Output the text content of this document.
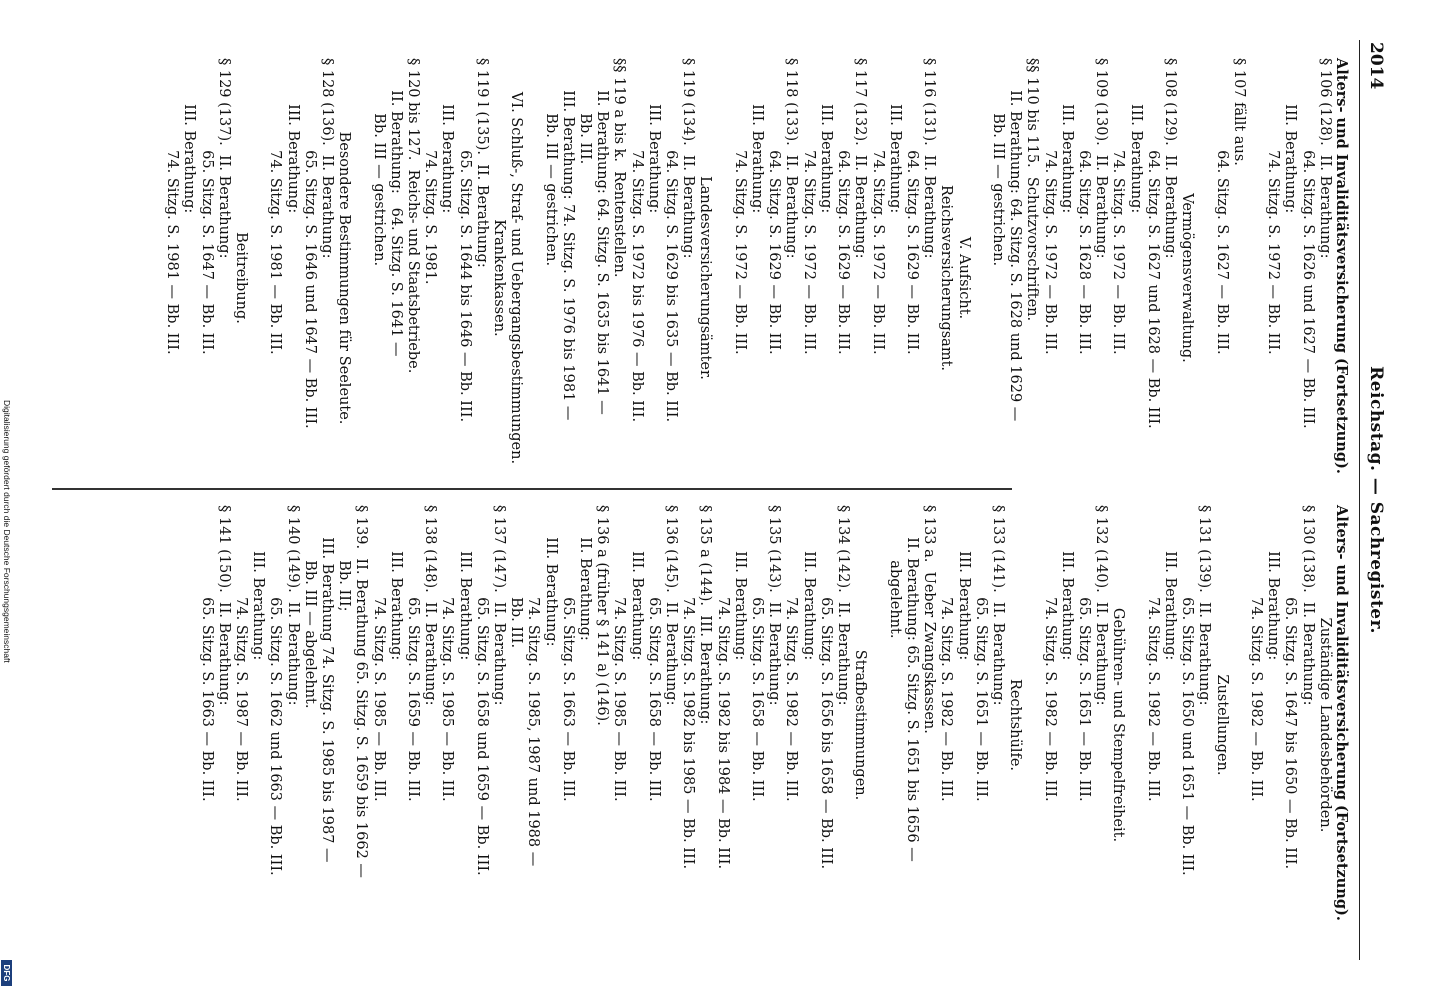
2014
Reichstag. — Sachregister.
Alters- und Invaliditätsversicherung (Fortsetzung).
§ 106 (128).  II. Berathung:
64. Sitzg. S. 1626 und 1627 — Bb. III.
III. Berathung:
74. Sitzg. S. 1972 — Bb. III.

§ 107 fällt aus.
64. Sitzg. S. 1627 — Bb. III.

Vermögensverwaltung.
§ 108 (129).  II. Berathung:
64. Sitzg. S. 1627 und 1628 — Bb. III.
III. Berathung:
74. Sitzg. S. 1972 — Bb. III.
§ 109 (130).  II. Berathung:
64. Sitzg. S. 1628 — Bb. III.
III. Berathung:
74. Sitzg. S. 1972 — Bb. III.
§§ 110 bis 115.  Schutzvorschriften.
II. Berathung: 64. Sitzg. S. 1628 und 1629 —
Bb. III — gestrichen.

V. Aufsicht.
Reichsversicherungsamt.
§ 116 (131).  II. Berathung:
64. Sitzg. S. 1629 — Bb. III.
III. Berathung:
74. Sitzg. S. 1972 — Bb. III.
§ 117 (132).  II. Berathung:
64. Sitzg. S. 1629 — Bb. III.
III. Berathung:
74. Sitzg. S. 1972 — Bb. III.
§ 118 (133).  II. Berathung:
64. Sitzg. S. 1629 — Bb. III.
III. Berathung:
74. Sitzg. S. 1972 — Bb. III.

Landesversicherungsämter.
§ 119 (134).  II. Berathung:
64. Sitzg. S. 1629 bis 1635 — Bb. III.
III. Berathung:
74. Sitzg. S. 1972 bis 1976 — Bb. III.
§§ 119 a bis k.  Rentenstellen.
II. Berathung: 64. Sitzg. S. 1635 bis 1641 —
Bb. III.
III. Berathung: 74. Sitzg. S. 1976 bis 1981 —
Bb. III — gestrichen.

VI. Schluß-, Straf- und Uebergangsbestimmungen.
Krankenkassen.
§ 119 l (135).  II. Berathung:
65. Sitzg. S. 1644 bis 1646 — Bb. III.
III. Berathung:
74. Sitzg. S. 1981.
§ 120 bis 127.  Reichs- und Staatsbetriebe.
II. Berathung:   64. Sitzg. S. 1641 —
Bb. III — gestrichen.

Besondere Bestimmungen für Seeleute.
§ 128 (136).  II. Berathung:
65. Sitzg. S. 1646 und 1647 — Bb. III.
III. Berathung:
74. Sitzg. S. 1981 — Bb. III.

Beitreibung.
§ 129 (137).  II. Berathung:
65. Sitzg. S. 1647 — Bb. III.
III. Berathung:
74. Sitzg. S. 1981 — Bb. III.
Alters- und Invaliditätsversicherung (Fortsetzung).
Zuständige Landesbehörden.
§ 130 (138).  II. Berathung:
65. Sitzg. S. 1647 bis 1650 — Bb. III.
III. Berathung:
74. Sitzg. S. 1982 — Bb. III.

Zustellungen.
§ 131 (139).  II. Berathung:
65. Sitzg. S. 1650 und 1651 — Bb. III.
III. Berathung:
74. Sitzg. S. 1982 — Bb. III.

Gebühren- und Stempelfreiheit.
§ 132 (140).  II. Berathung:
65. Sitzg. S. 1651 — Bb. III.
III. Berathung:
74. Sitzg. S. 1982 — Bb. III.

Rechtshülfe.
§ 133 (141).  II. Berathung:
65. Sitzg. S. 1651 — Bb. III.
III. Berathung:
74. Sitzg. S. 1982 — Bb. III.
§ 133 a.  Ueber Zwangskassen.
II. Berathung: 65. Sitzg. S. 1651 bis 1656 —
abgelehnt.

Strafbestimmungen.
§ 134 (142).  II. Berathung:
65. Sitzg. S. 1656 bis 1658 — Bb. III.
III. Berathung:
74. Sitzg. S. 1982 — Bb. III.
§ 135 (143).  II. Berathung:
65. Sitzg. S. 1658 — Bb. III.
III. Berathung:
74. Sitzg. S. 1982 bis 1984 — Bb. III.
§ 135 a (144).  III. Berathung:
74. Sitzg. S. 1982 bis 1985 — Bb. III.
§ 136 (145).  II. Berathung:
65. Sitzg. S. 1658 — Bb. III.
III. Berathung:
74. Sitzg. S. 1985 — Bb. III.
§ 136 a (früher § 141 a) (146).
II. Berathung:
65. Sitzg. S. 1663 — Bb. III.
III. Berathung:
74. Sitzg. S. 1985, 1987 und 1988 —
Bb. III.
§ 137 (147).  II. Berathung:
65. Sitzg. S. 1658 und 1659 — Bb. III.
III. Berathung:
74. Sitzg. S. 1985 — Bb. III.
§ 138 (148).  II. Berathung:
65. Sitzg. S. 1659 — Bb. III.
III. Berathung:
74. Sitzg. S. 1985 — Bb. III.
§ 139.  II. Berathung 65. Sitzg. S. 1659 bis 1662 —
Bb. III;
III. Berathung 74. Sitzg. S. 1985 bis 1987 —
Bb. III — abgelehnt.
§ 140 (149).  II. Berathung:
65. Sitzg. S. 1662 und 1663 — Bb. III.
III. Berathung:
74. Sitzg. S. 1987 — Bb. III.
§ 141 (150).  II. Berathung:
65. Sitzg. S. 1663 — Bb. III.
Digitalisierung gefördert durch die Deutsche Forschungsgemeinschaft
DFG
